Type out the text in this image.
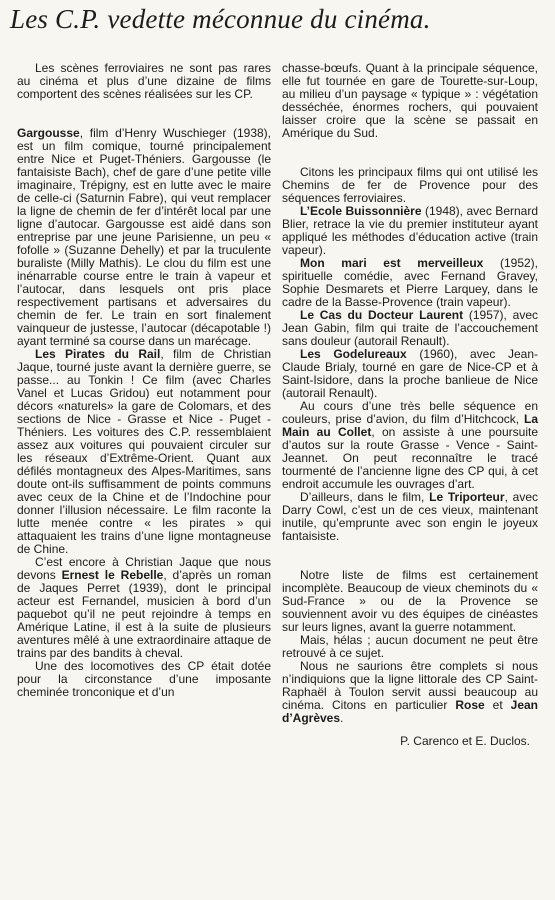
Les C.P. vedette méconnue du cinéma.

Les scènes ferroviaires ne sont pas rares au cinéma et plus d’une dizaine de films comportent des scènes réalisées sur les CP.

Gargousse, film d’Henry Wuschieger (1938), est un film comique, tourné principalement entre Nice et Puget-Théniers. Gargousse (le fantaisiste Bach), chef de gare d’une petite ville imaginaire, Trépigny, est en lutte avec le maire de celle-ci (Saturnin Fabre), qui veut remplacer la ligne de chemin de fer d’intérêt local par une ligne d’autocar. Gargousse est aidé dans son entreprise par une jeune Parisienne, un peu « fofolle » (Suzanne Dehelly) et par la truculente buraliste (Milly Mathis). Le clou du film est une inénarrable course entre le train à vapeur et l’autocar, dans lesquels ont pris place respectivement partisans et adversaires du chemin de fer. Le train en sort finalement vainqueur de justesse, l’autocar (décapotable !) ayant terminé sa course dans un marécage.

Les Pirates du Rail, film de Christian Jaque, tourné juste avant la dernière guerre, se passe... au Tonkin ! Ce film (avec Charles Vanel et Lucas Gridou) eut notamment pour décors «naturels» la gare de Colomars, et des sections de Nice - Grasse et Nice - Puget - Théniers. Les voitures des C.P. ressemblaient assez aux voitures qui pouvaient circuler sur les réseaux d’Extrême-Orient. Quant aux défilés montagneux des Alpes-Maritimes, sans doute ont-ils suffisamment de points communs avec ceux de la Chine et de l’Indochine pour donner l’illusion nécessaire. Le film raconte la lutte menée contre « les pirates » qui attaquaient les trains d’une ligne montagneuse de Chine.

C’est encore à Christian Jaque que nous devons Ernest le Rebelle, d’après un roman de Jaques Perret (1939), dont le principal acteur est Fernandel, musicien à bord d’un paquebot qu’il ne peut rejoindre à temps en Amérique Latine, il est à la suite de plusieurs aventures mêlé à une extraordinaire attaque de trains par des bandits à cheval.

Une des locomotives des CP était dotée pour la circonstance d’une imposante cheminée tronconique et d’un

chasse-bœufs. Quant à la principale séquence, elle fut tournée en gare de Tourette-sur-Loup, au milieu d’un paysage « typique » : végétation desséchée, énormes rochers, qui pouvaient laisser croire que la scène se passait en Amérique du Sud.

Citons les principaux films qui ont utilisé les Chemins de fer de Provence pour des séquences ferroviaires.

L’Ecole Buissonnière (1948), avec Bernard Blier, retrace la vie du premier instituteur ayant appliqué les méthodes d’éducation active (train vapeur).

Mon mari est merveilleux (1952), spirituelle comédie, avec Fernand Gravey, Sophie Desmarets et Pierre Larquey, dans le cadre de la Basse-Provence (train vapeur).

Le Cas du Docteur Laurent (1957), avec Jean Gabin, film qui traite de l’accouchement sans douleur (autorail Renault).

Les Godelureaux (1960), avec Jean-Claude Brialy, tourné en gare de Nice-CP et à Saint-Isidore, dans la proche banlieue de Nice (autorail Renault).

Au cours d’une très belle séquence en couleurs, prise d’avion, du film d’Hitchcock, La Main au Collet, on assiste à une poursuite d’autos sur la route Grasse - Vence - Saint-Jeannet. On peut reconnaître le tracé tourmenté de l’ancienne ligne des CP qui, à cet endroit accumule les ouvrages d’art.

D’ailleurs, dans le film, Le Triporteur, avec Darry Cowl, c’est un de ces vieux, maintenant inutile, qu’emprunte avec son engin le joyeux fantaisiste.

Notre liste de films est certainement incomplète. Beaucoup de vieux cheminots du « Sud-France » ou de la Provence se souviennent avoir vu des équipes de cinéastes sur leurs lignes, avant la guerre notamment.

Mais, hélas ; aucun document ne peut être retrouvé à ce sujet.

Nous ne saurions être complets si nous n’indiquions que la ligne littorale des CP Saint-Raphaël à Toulon servit aussi beaucoup au cinéma. Citons en particulier Rose et Jean d’Agrèves.

P. Carenco et E. Duclos.
